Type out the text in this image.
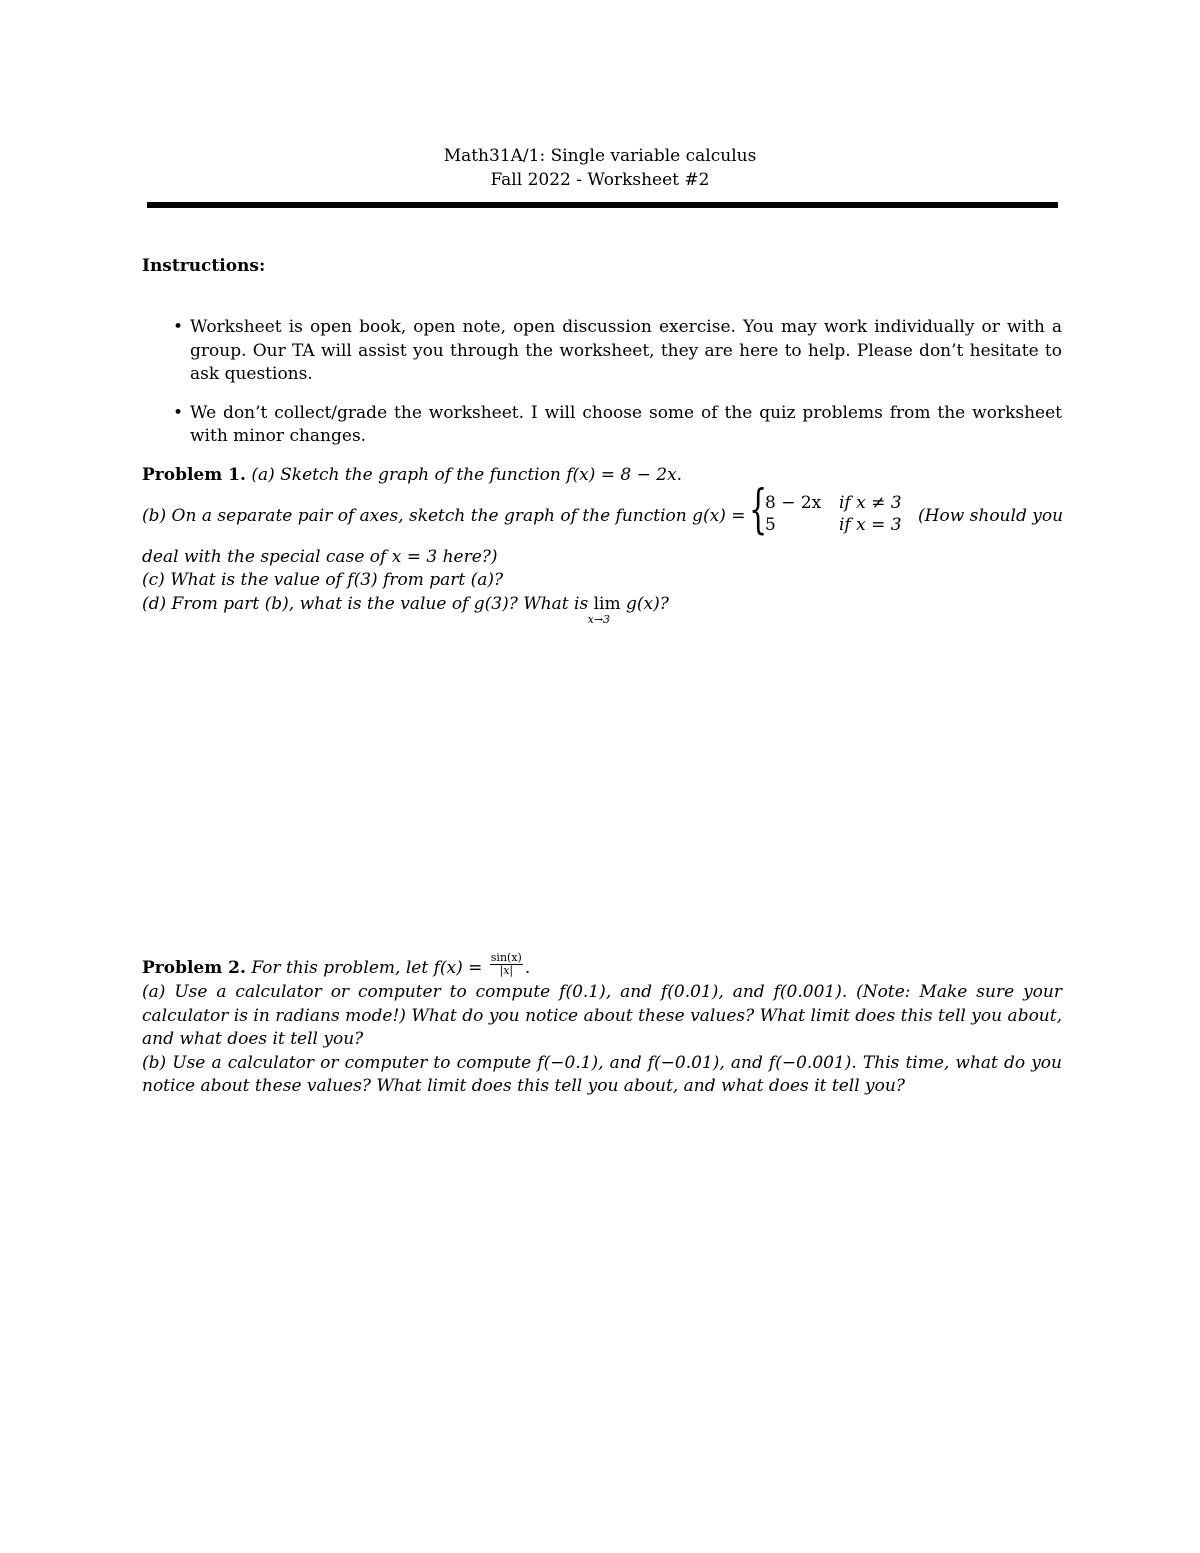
Math31A/1: Single variable calculus
Fall 2022 - Worksheet #2
Instructions:
• Worksheet is open book, open note, open discussion exercise. You may work individually or with a group. Our TA will assist you through the worksheet, they are here to help. Please don’t hesitate to ask questions.
• We don’t collect/grade the worksheet. I will choose some of the quiz problems from the worksheet with minor changes.
Problem 1. (a) Sketch the graph of the function f(x) = 8 − 2x.
(b) On a separate pair of axes, sketch the graph of the function g(x) = {
8 − 2x if x ≠ 3
5	if x = 3 (How should you
deal with the special case of x = 3 here?)
(c) What is the value of f(3) from part (a)?
(d) From part (b), what is the value of g(3)? What is lim
x→3
g(x)?

Problem 2. For this problem, let $f(x) = \frac{\sin(x)}{|x|}$ .

(a) Use a calculator or computer to compute f(0.1), and f(0.01), and f(0.001). (Note: Make sure your calculator is in radians mode!) What do you notice about these values? What limit does this tell you about, and what does it tell you?

(b) Use a calculator or computer to compute f(−0.1), and f(−0.01), and f(−0.001). This time, what do you notice about these values? What limit does this tell you about, and what does it tell you?
